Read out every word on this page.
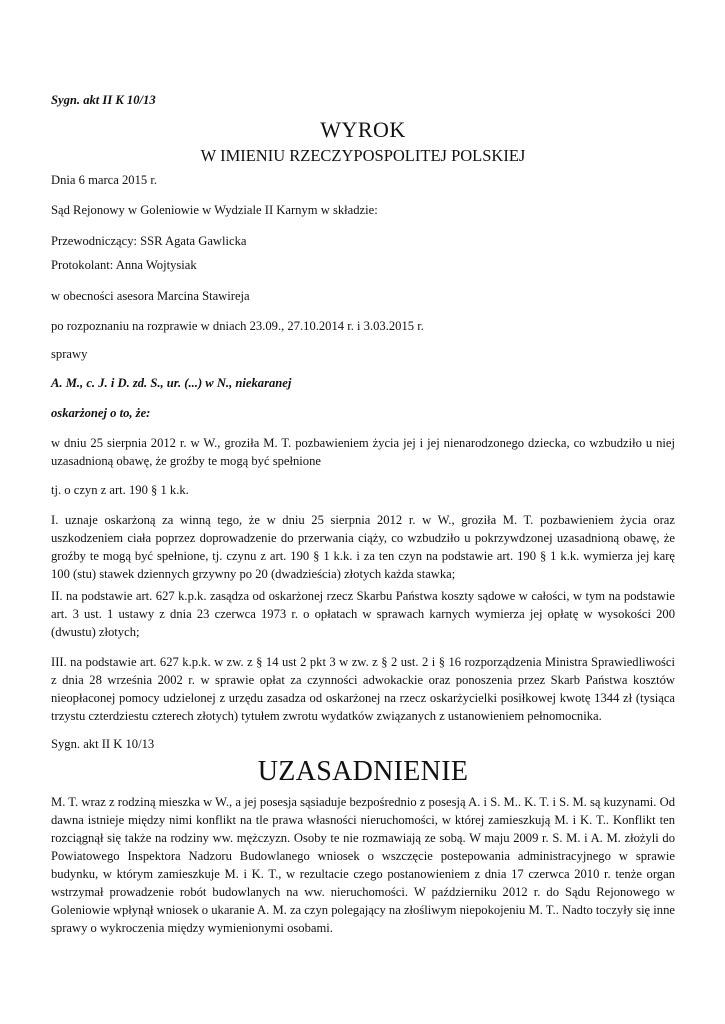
Sygn. akt II K 10/13

WYROK

W IMIENIU RZECZYPOSPOLITEJ POLSKIEJ

Dnia 6 marca 2015 r.

Sąd Rejonowy w Goleniowie w Wydziale II Karnym w składzie:

Przewodniczący: SSR Agata Gawlicka

Protokolant: Anna Wojtysiak

w obecności asesora Marcina Stawireja

po rozpoznaniu na rozprawie w dniach 23.09., 27.10.2014 r. i 3.03.2015 r.

sprawy

A. M., c. J. i D. zd. S., ur. (...) w N., niekaranej

oskarżonej o to, że:

w dniu 25 sierpnia 2012 r. w W., groziła M. T. pozbawieniem życia jej i jej nienarodzonego dziecka, co wzbudziło u niej uzasadnioną obawę, że groźby te mogą być spełnione

tj. o czyn z art. 190 § 1 k.k.

I. uznaje oskarżoną za winną tego, że w dniu 25 sierpnia 2012 r. w W., groziła M. T. pozbawieniem życia oraz uszkodzeniem ciała poprzez doprowadzenie do przerwania ciąży, co wzbudziło u pokrzywdzonej uzasadnioną obawę, że groźby te mogą być spełnione, tj. czynu z art. 190 § 1 k.k. i za ten czyn na podstawie art. 190 § 1 k.k. wymierza jej karę 100 (stu) stawek dziennych grzywny po 20 (dwadzieścia) złotych każda stawka;

II. na podstawie art. 627 k.p.k. zasądza od oskarżonej rzecz Skarbu Państwa koszty sądowe w całości, w tym na podstawie art. 3 ust. 1 ustawy z dnia 23 czerwca 1973 r. o opłatach w sprawach karnych wymierza jej opłatę w wysokości 200 (dwustu) złotych;

III. na podstawie art. 627 k.p.k. w zw. z § 14 ust 2 pkt 3 w zw. z § 2 ust. 2 i § 16 rozporządzenia Ministra Sprawiedliwości z dnia 28 września 2002 r. w sprawie opłat za czynności adwokackie oraz ponoszenia przez Skarb Państwa kosztów nieopłaconej pomocy udzielonej z urzędu zasadza od oskarżonej na rzecz oskarżycielki posiłkowej kwotę 1344 zł (tysiąca trzystu czterdziestu czterech złotych) tytułem zwrotu wydatków związanych z ustanowieniem pełnomocnika.

Sygn. akt II K 10/13

UZASADNIENIE

M. T. wraz z rodziną mieszka w W., a jej posesja sąsiaduje bezpośrednio z posesją A. i S. M.. K. T. i S. M. są kuzynami. Od dawna istnieje między nimi konflikt na tle prawa własności nieruchomości, w której zamieszkują M. i K. T.. Konflikt ten rozciągnął się także na rodziny ww. mężczyzn. Osoby te nie rozmawiają ze sobą. W maju 2009 r. S. M. i A. M. złożyli do Powiatowego Inspektora Nadzoru Budowlanego wniosek o wszczęcie postepowania administracyjnego w sprawie budynku, w którym zamieszkuje M. i K. T., w rezultacie czego postanowieniem z dnia 17 czerwca 2010 r. tenże organ wstrzymał prowadzenie robót budowlanych na ww. nieruchomości. W październiku 2012 r. do Sądu Rejonowego w Goleniowie wpłynął wniosek o ukaranie A. M. za czyn polegający na złośliwym niepokojeniu M. T.. Nadto toczyły się inne sprawy o wykroczenia między wymienionymi osobami.
